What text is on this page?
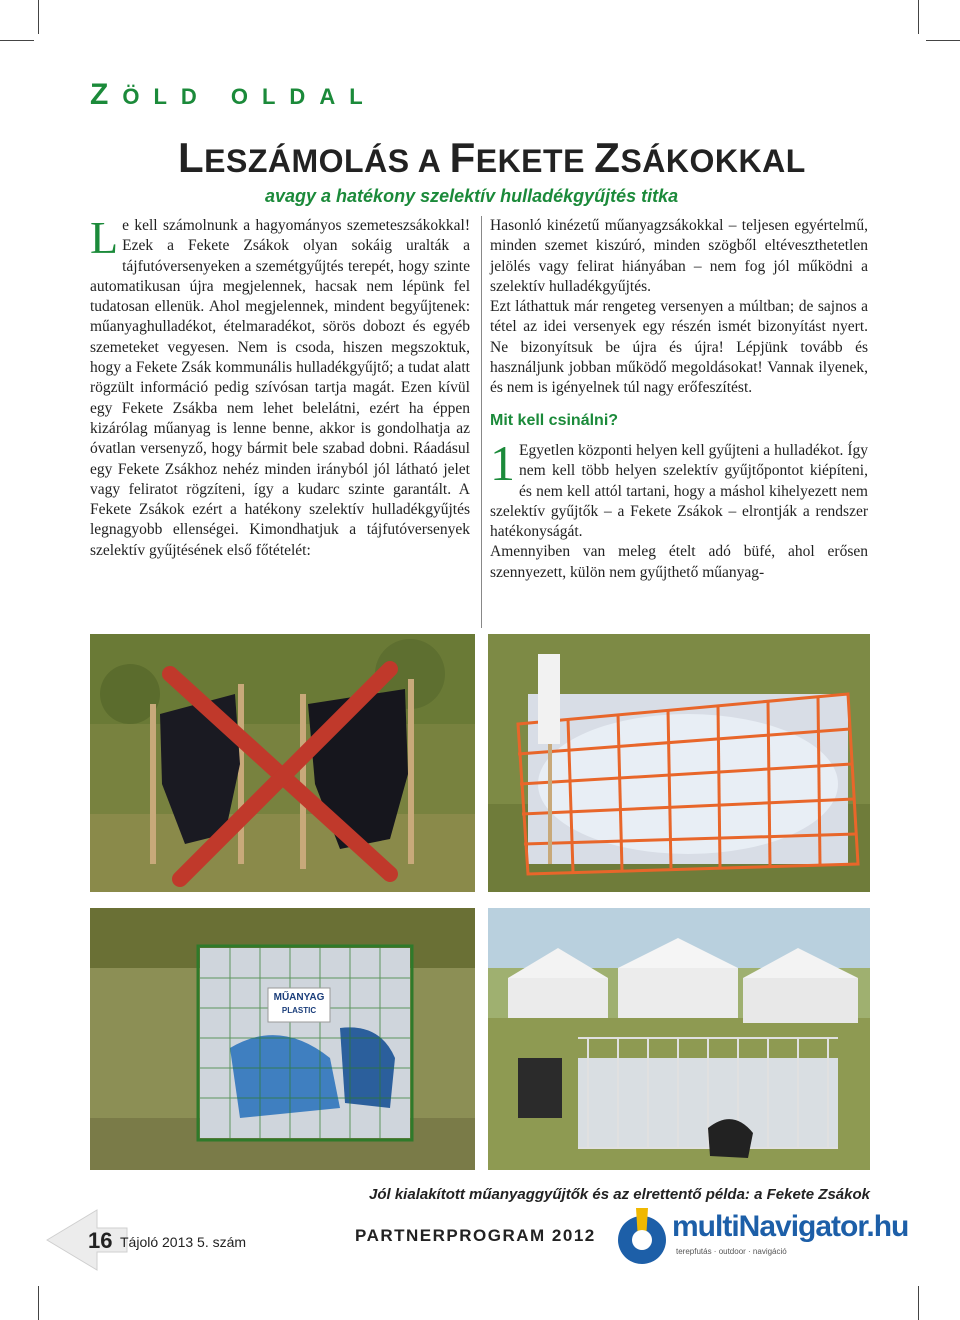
ZÖLD OLDAL
LESZÁMOLÁS A FEKETE ZSÁKOKKAL
avagy a hatékony szelektív hulladékgyűjtés titka

Le kell számolnunk a hagyományos szemeteszsákokkal! Ezek a Fekete Zsákok olyan sokáig uralták a tájfutóversenyeken a szemétgyűjtés terepét, hogy szinte automatikusan újra megjelennek, hacsak nem lépünk fel tudatosan ellenük. Ahol megjelennek, mindent begyűjtenek: műanyaghulladékot, ételmaradékot, sörös dobozt és egyéb szemeteket vegyesen. Nem is csoda, hiszen megszoktuk, hogy a Fekete Zsák kommunális hulladékgyűjtő; a tudat alatt rögzült információ pedig szívósan tartja magát. Ezen kívül egy Fekete Zsákba nem lehet belelátni, ezért ha éppen kizárólag műanyag is lenne benne, akkor is gondolhatja az óvatlan versenyző, hogy bármit bele szabad dobni. Ráadásul egy Fekete Zsákhoz nehéz minden irányból jól látható jelet vagy feliratot rögzíteni, így a kudarc szinte garantált. A Fekete Zsákok ezért a hatékony szelektív hulladékgyűjtés legnagyobb ellenségei. Kimondhatjuk a tájfutóversenyek szelektív gyűjtésének első főtételét:

Hasonló kinézetű műanyagzsákokkal – teljesen egyértelmű, minden szemet kiszúró, minden szögből eltéveszthetetlen jelölés vagy felirat hiányában – nem fog jól működni a szelektív hulladékgyűjtés.

Ezt láthattuk már rengeteg versenyen a múltban; de sajnos a tétel az idei versenyek egy részén ismét bizonyítást nyert. Ne bizonyítsuk be újra és újra! Lépjünk tovább és használjunk jobban működő megoldásokat! Vannak ilyenek, és nem is igényelnek túl nagy erőfeszítést.

Mit kell csinálni?

1 Egyetlen központi helyen kell gyűjteni a hulladékot. Így nem kell több helyen szelektív gyűjtőpontot kiépíteni, és nem kell attól tartani, hogy a máshol kihelyezett nem szelektív gyűjtők – a Fekete Zsákok – elrontják a rendszer hatékonyságát.

Amennyiben van meleg ételt adó büfé, ahol erősen szennyezett, külön nem gyűjthető műanyag-

MŰANYAG
PLASTIC
Jól kialakított műanyaggyűjtők és az elrettentő példa: a Fekete Zsákok
16 Tájoló 2013 5. szám	PARTNERPROGRAM 2012	multiNavigator.hu
terepfutás · outdoor · navigáció
